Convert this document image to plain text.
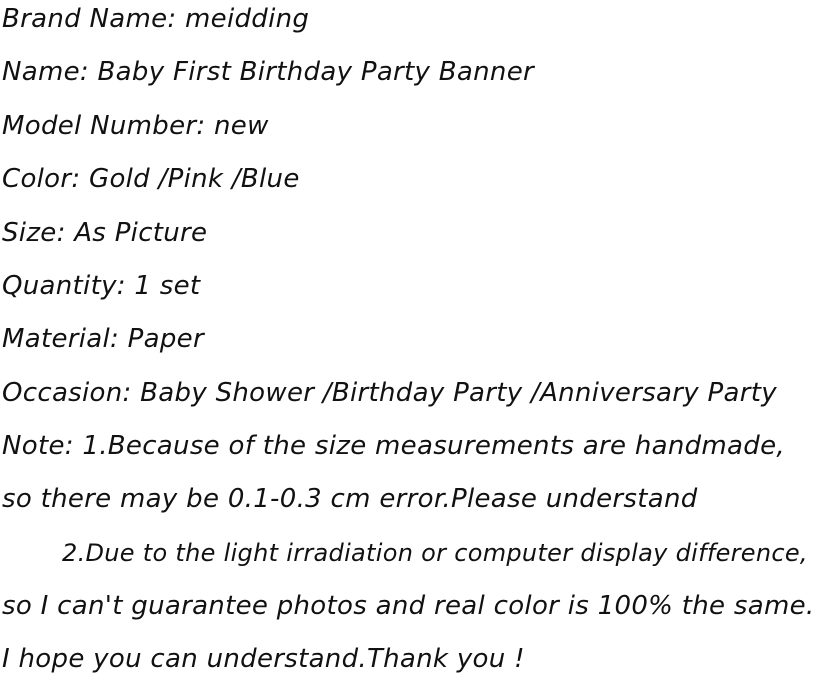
Brand Name: meidding
Name: Baby First Birthday Party Banner
Model Number: new
Color: Gold /Pink /Blue
Size: As Picture
Quantity: 1 set
Material: Paper
Occasion: Baby Shower /Birthday Party /Anniversary Party
Note: 1.Because of the size measurements are handmade,
so there may be 0.1-0.3 cm error.Please understand
2.Due to the light irradiation or computer display difference,
so I can't guarantee photos and real color is 100% the same.
I hope you can understand.Thank you !
